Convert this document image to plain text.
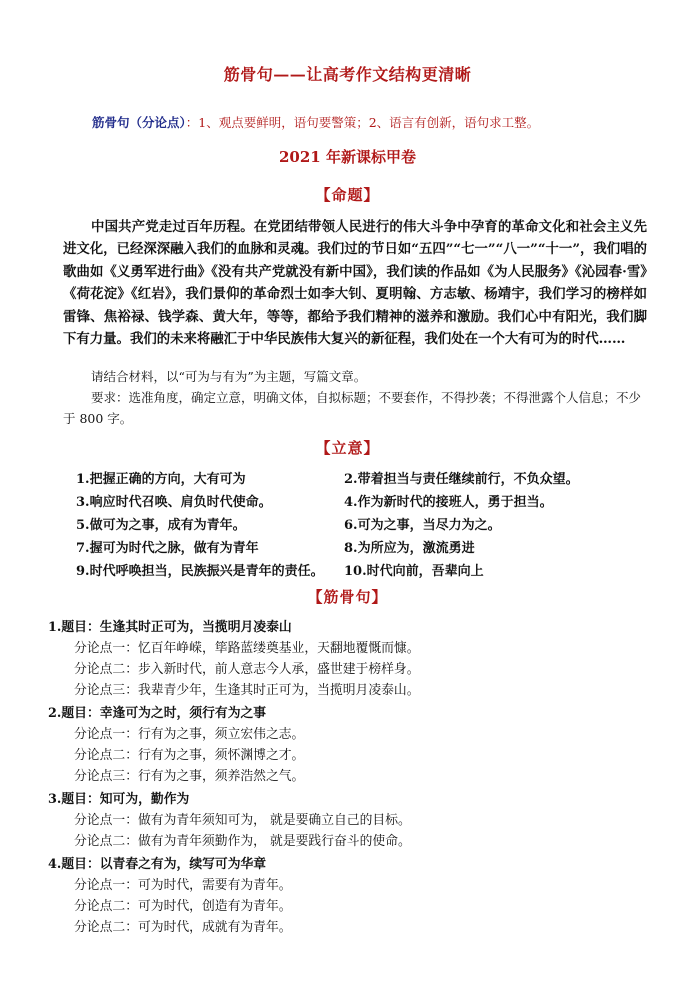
筋骨句——让高考作文结构更清晰
筋骨句（分论点）：1、观点要鲜明，语句要警策；2、语言有创新，语句求工整。
2021 年新课标甲卷
【命题】
中国共产党走过百年历程。在党团结带领人民进行的伟大斗争中孕育的革命文化和社会主义先进文化，已经深深融入我们的血脉和灵魂。我们过的节日如“五四”“七一”“八一”“十一”，我们唱的歌曲如《义勇军进行曲》《没有共产党就没有新中国》，我们读的作品如《为人民服务》《沁园春·雪》《荷花淀》《红岩》，我们景仰的革命烈士如李大钊、夏明翰、方志敏、杨靖宇，我们学习的榜样如雷锋、焦裕禄、钱学森、黄大年，等等，都给予我们精神的滋养和激励。我们心中有阳光，我们脚下有力量。我们的未来将融汇于中华民族伟大复兴的新征程，我们处在一个大有可为的时代……
请结合材料，以“可为与有为”为主题，写篇文章。
要求：选准角度，确定立意，明确文体，自拟标题；不要套作，不得抄袭；不得泄露个人信息；不少于 800 字。
【立意】
1.把握正确的方向，大有可为	2.带着担当与责任继续前行，不负众望。
3.响应时代召唤、肩负时代使命。	4.作为新时代的接班人，勇于担当。
5.做可为之事，成有为青年。	6.可为之事，当尽力为之。
7.握可为时代之脉，做有为青年	8.为所应为，激流勇进
9.时代呼唤担当，民族振兴是青年的责任。 10.时代向前，吾辈向上
【筋骨句】
1.题目：生逢其时正可为，当揽明月凌泰山
分论点一：忆百年峥嵘，筚路蓝缕奠基业，天翻地覆慨而慷。
分论点二：步入新时代，前人意志今人承，盛世建于榜样身。
分论点三：我辈青少年，生逢其时正可为，当揽明月凌泰山。
2.题目：幸逢可为之时，须行有为之事
分论点一：行有为之事，须立宏伟之志。
分论点二：行有为之事，须怀渊博之才。
分论点三：行有为之事，须养浩然之气。
3.题目：知可为，勤作为
分论点一：做有为青年须知可为， 就是要确立自己的目标。
分论点二：做有为青年须勤作为， 就是要践行奋斗的使命。
4.题目：以青春之有为，续写可为华章
分论点一：可为时代，需要有为青年。
分论点二：可为时代，创造有为青年。
分论点二：可为时代，成就有为青年。
